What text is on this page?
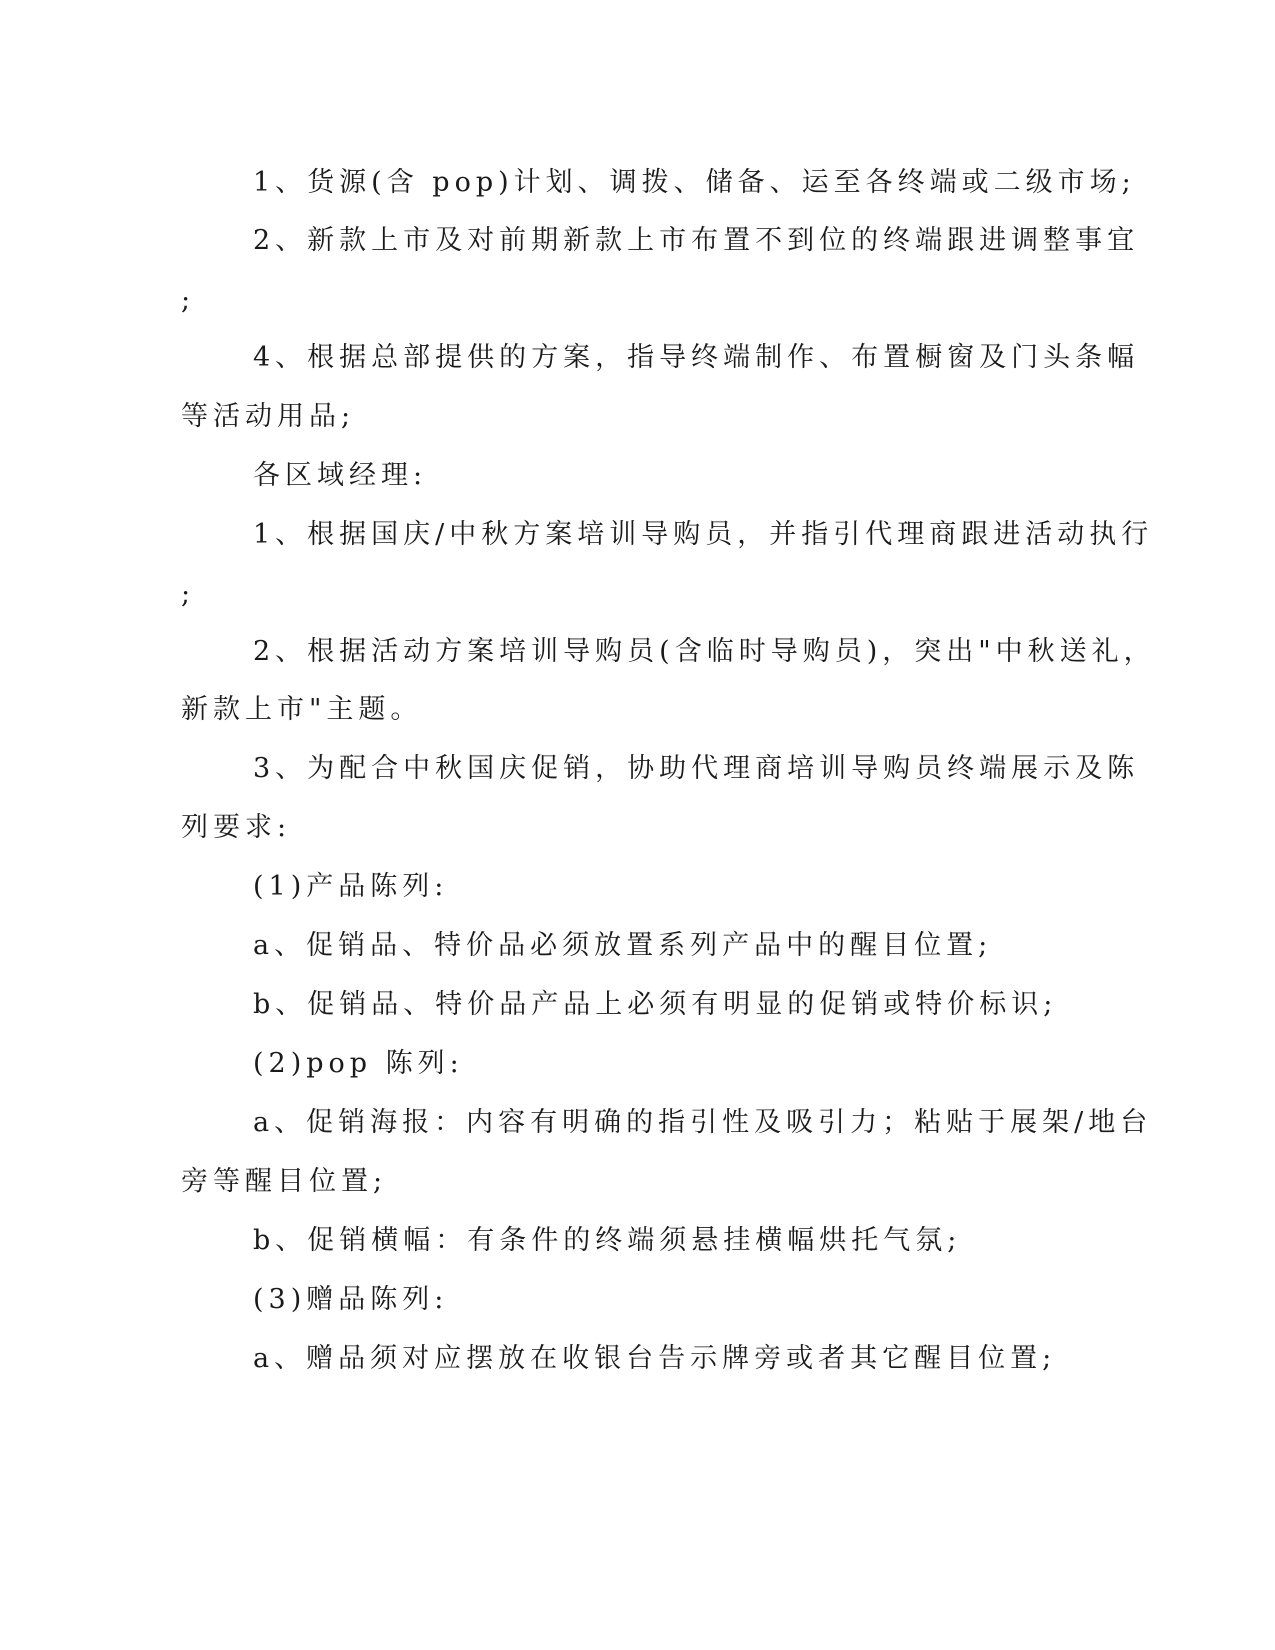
1、货源(含 pop)计划、调拨、储备、运至各终端或二级市场;

2、新款上市及对前期新款上市布置不到位的终端跟进调整事宜

;

4、根据总部提供的方案，指导终端制作、布置橱窗及门头条幅

等活动用品;

各区域经理:

1、根据国庆/中秋方案培训导购员，并指引代理商跟进活动执行

;

2、根据活动方案培训导购员(含临时导购员)，突出"中秋送礼，

新款上市"主题。

3、为配合中秋国庆促销，协助代理商培训导购员终端展示及陈

列要求:

(1)产品陈列:

a、促销品、特价品必须放置系列产品中的醒目位置;

b、促销品、特价品产品上必须有明显的促销或特价标识;

(2)pop 陈列:

a、促销海报：内容有明确的指引性及吸引力；粘贴于展架/地台

旁等醒目位置;

b、促销横幅：有条件的终端须悬挂横幅烘托气氛;

(3)赠品陈列:

a、赠品须对应摆放在收银台告示牌旁或者其它醒目位置;
